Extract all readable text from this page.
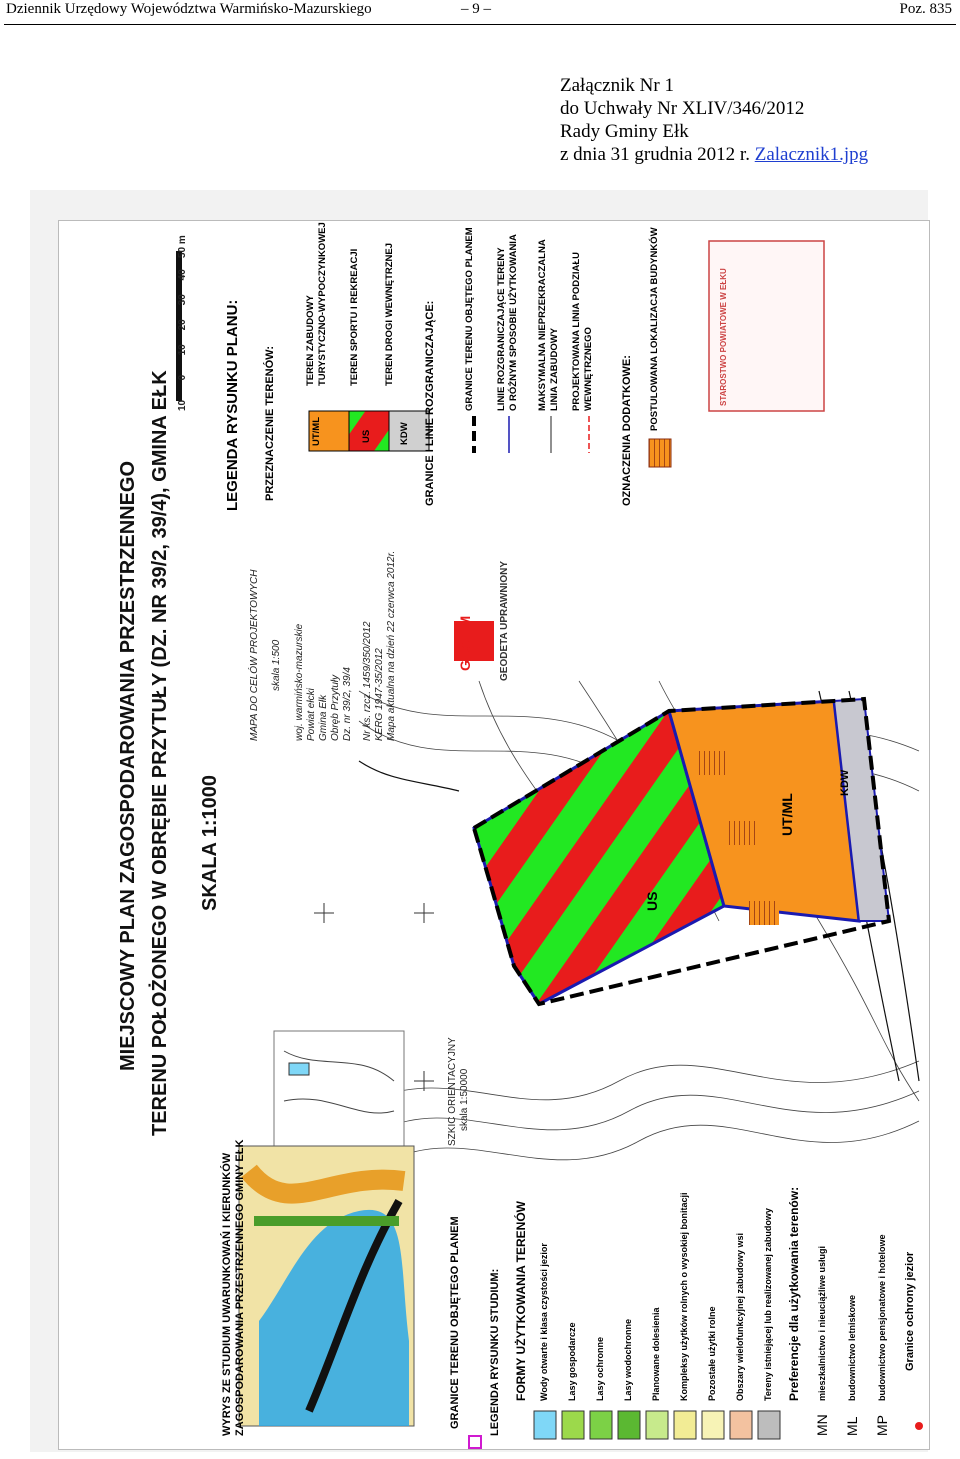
Dziennik Urzędowy Województwa Warmińsko-Mazurskiego	– 9 –	Poz. 835
Załącznik Nr 1
do Uchwały Nr XLIV/346/2012
Rady Gminy Ełk
z dnia 31 grudnia 2012 r. Zalacznik1.jpg
MIEJSCOWY PLAN ZAGOSPODAROWANIA PRZESTRZENNEGO TERENU POŁOŻONEGO W OBRĘBIE PRZYTUŁY (DZ. NR 39/2, 39/4), GMINA EŁK SKALA 1:1000
LEGENDA RYSUNKU PLANU: PRZEZNACZENIE TERENÓW:
TEREN ZABUDOWY TURYSTYCZNO-WYPOCZYNKOWEJ TEREN SPORTU I REKREACJI	TEREN DROGI WEWNĘTRZNEJ	GRANICE I LINIE ROZGRANICZAJĄCE:	GRANICE TERENU OBJĘTEGO PLANEM LINIE ROZGRANICZAJĄCE TERENY O RÓŻNYM SPOSOBIE UŻYTKOWANIA MAKSYMALNA NIEPRZEKRACZALNA LINIA ZABUDOWY PROJEKTOWANA LINIA PODZIAŁU WEWNĘTRZNEGO OZNACZENIA DODATKOWE: POSTULOWANA LOKALIZACJA BUDYNKÓW
UT/ML	US	KDW
10       0       10     20     30     40    50 m
MAPA DO CELÓW PROJEKTOWYCH skala 1:500 woj. warmińsko-mazurskie Powiat ełcki Gmina Ełk Obręb Przytuły Dz. nr 39/2, 39/4 Nr ks. rzcz. 1459/350/2012 KERG 1947-35/2012 Mapa aktualna na dzień 22 czerwca 2012r.	GEOTIM	GEODETA UPRAWNIONY
US
UT/ML
KDW
SZKIC ORIENTACYJNY skala 1:50000
STAROSTWO POWIATOWE W EŁKU
WYRYS ZE STUDIUM UWARUNKOWAŃ I KIERUNKÓW ZAGOSPODAROWANIA PRZESTRZENNEGO GMINY EŁK	GRANICE TERENU OBJĘTEGO PLANEM	LEGENDA RYSUNKU STUDIUM: FORMY UŻYTKOWANIA TERENÓW Wody otwarte i klasa czystości jezior Lasy gospodarcze Lasy ochronne Lasy wodochronne Planowane dolesienia Kompleksy użytków rolnych o wysokiej bonitacji Pozostałe użytki rolne Obszary wielofunkcyjnej zabudowy wsi Tereny istniejącej lub realizowanej zabudowy Preferencje dla użytkowania terenów:
MN
mieszkalnictwo i nieuciążliwe usługi
ML
budownictwo letniskowe
MP
budownictwo pensjonatowe i hotelowe Granice ochrony jezior
